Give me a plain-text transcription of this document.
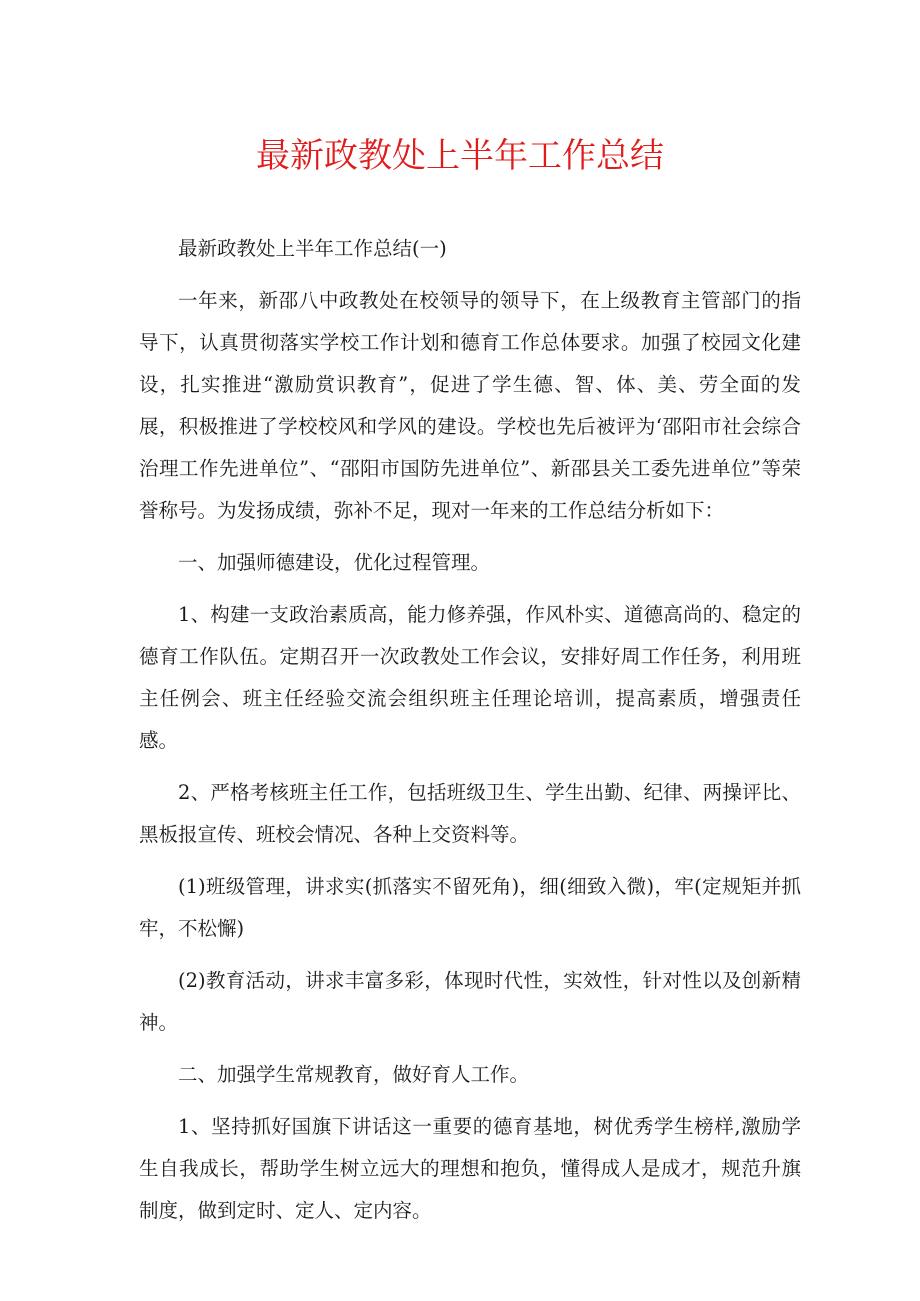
最新政教处上半年工作总结

最新政教处上半年工作总结(一)

一年来，新邵八中政教处在校领导的领导下，在上级教育主管部门的指导下，认真贯彻落实学校工作计划和德育工作总体要求。加强了校园文化建设，扎实推进“激励赏识教育”，促进了学生德、智、体、美、劳全面的发展，积极推进了学校校风和学风的建设。学校也先后被评为‘邵阳市社会综合治理工作先进单位”、“邵阳市国防先进单位”、新邵县关工委先进单位”等荣誉称号。为发扬成绩，弥补不足，现对一年来的工作总结分析如下：

一、加强师德建设，优化过程管理。

1、构建一支政治素质高，能力修养强，作风朴实、道德高尚的、稳定的德育工作队伍。定期召开一次政教处工作会议，安排好周工作任务，利用班主任例会、班主任经验交流会组织班主任理论培训，提高素质，增强责任感。

2、严格考核班主任工作，包括班级卫生、学生出勤、纪律、两操评比、黑板报宣传、班校会情况、各种上交资料等。

(1)班级管理，讲求实(抓落实不留死角)，细(细致入微)，牢(定规矩并抓牢，不松懈)

(2)教育活动，讲求丰富多彩，体现时代性，实效性，针对性以及创新精神。

二、加强学生常规教育，做好育人工作。

1、坚持抓好国旗下讲话这一重要的德育基地，树优秀学生榜样,激励学生自我成长，帮助学生树立远大的理想和抱负，懂得成人是成才，规范升旗制度，做到定时、定人、定内容。
